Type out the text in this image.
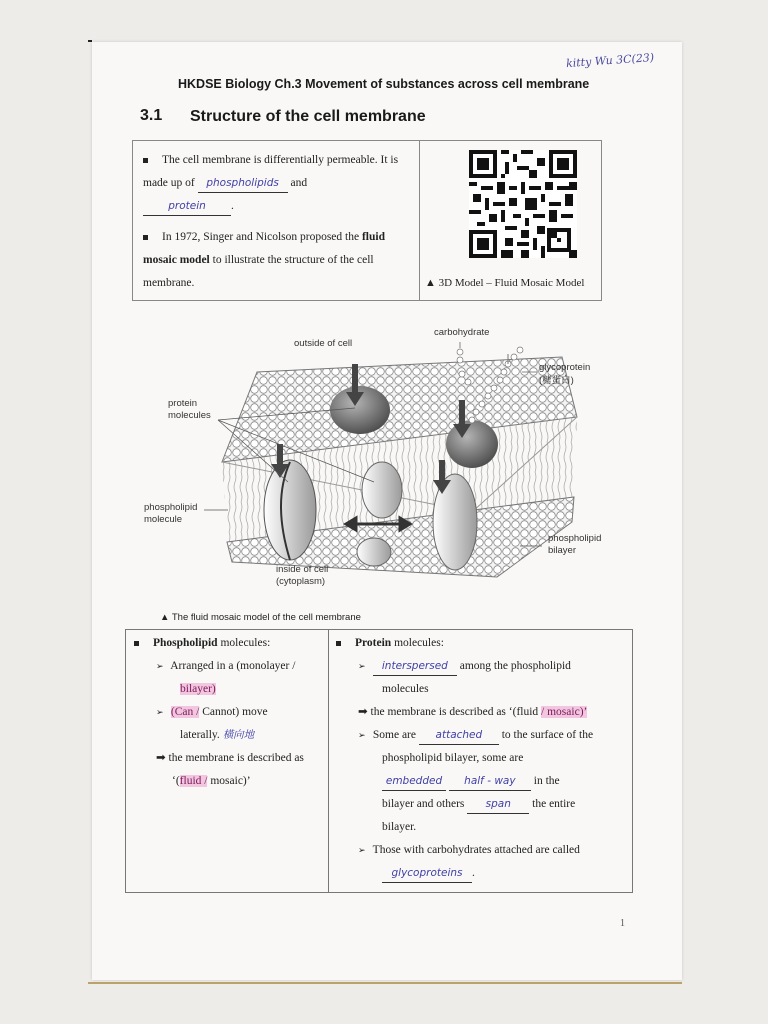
kitty Wu 3C(23)
HKDSE Biology Ch.3 Movement of substances across cell membrane
3.1 Structure of the cell membrane
The cell membrane is differentially permeable. It is made up of phospholipids and
protein .
In 1972, Singer and Nicolson proposed the fluid mosaic model to illustrate the structure of the cell membrane.	▲ 3D Model – Fluid Mosaic Model
outside of cell
carbohydrate
glycoprotein
(糖蛋白)
protein
molecules
phospholipid
molecule
phospholipid
bilayer
inside of cell
(cytoplasm)
▲ The fluid mosaic model of the cell membrane
Phospholipid molecules:
➢ Arranged in a (monolayer /
bilayer)
➢ (Can / Cannot) move
laterally. 橫向地
➡ the membrane is described as
‘(fluid / mosaic)’
Protein molecules:
➢ interspersed among the phospholipid
molecules
➡ the membrane is described as ‘(fluid / mosaic)’
➢ Some are attached to the surface of the
phospholipid bilayer, some are
embedded half - way in the
bilayer and others span the entire
bilayer.
➢ Those with carbohydrates attached are called
glycoproteins .
1
